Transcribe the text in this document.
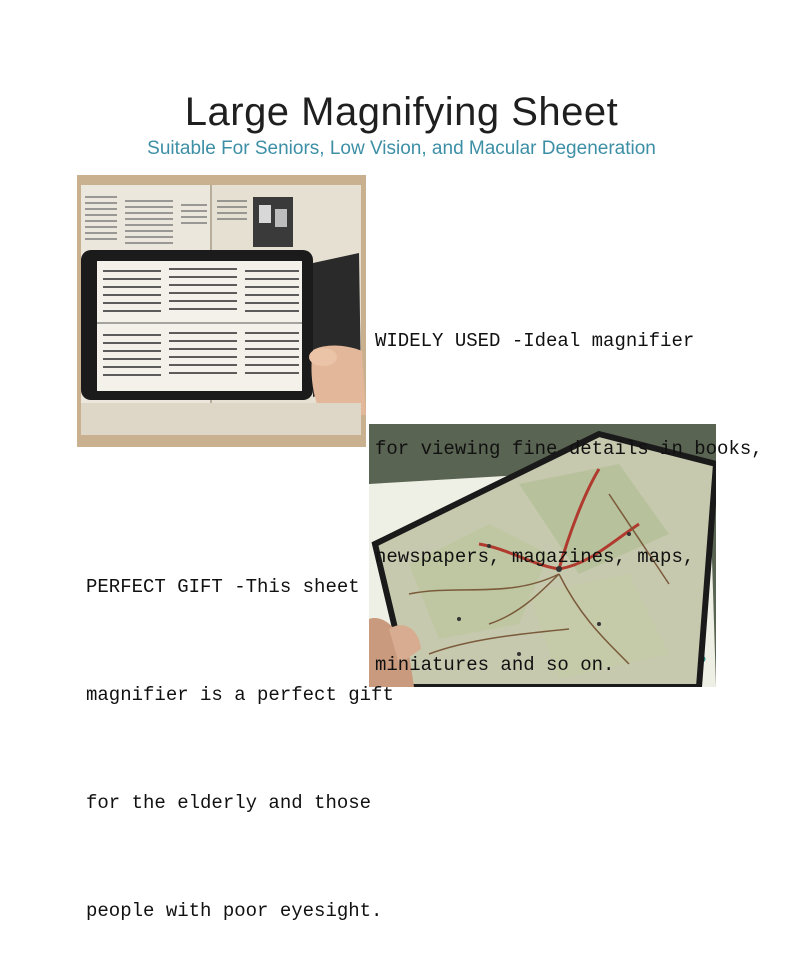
Large Magnifying Sheet
Suitable For Seniors, Low Vision, and Macular Degeneration

WIDELY USED -Ideal magnifier

for viewing fine details in books,

newspapers, magazines, maps,

miniatures and so on.

PERFECT GIFT -This sheet

magnifier is a perfect gift

for the elderly and those

people with poor eyesight.
